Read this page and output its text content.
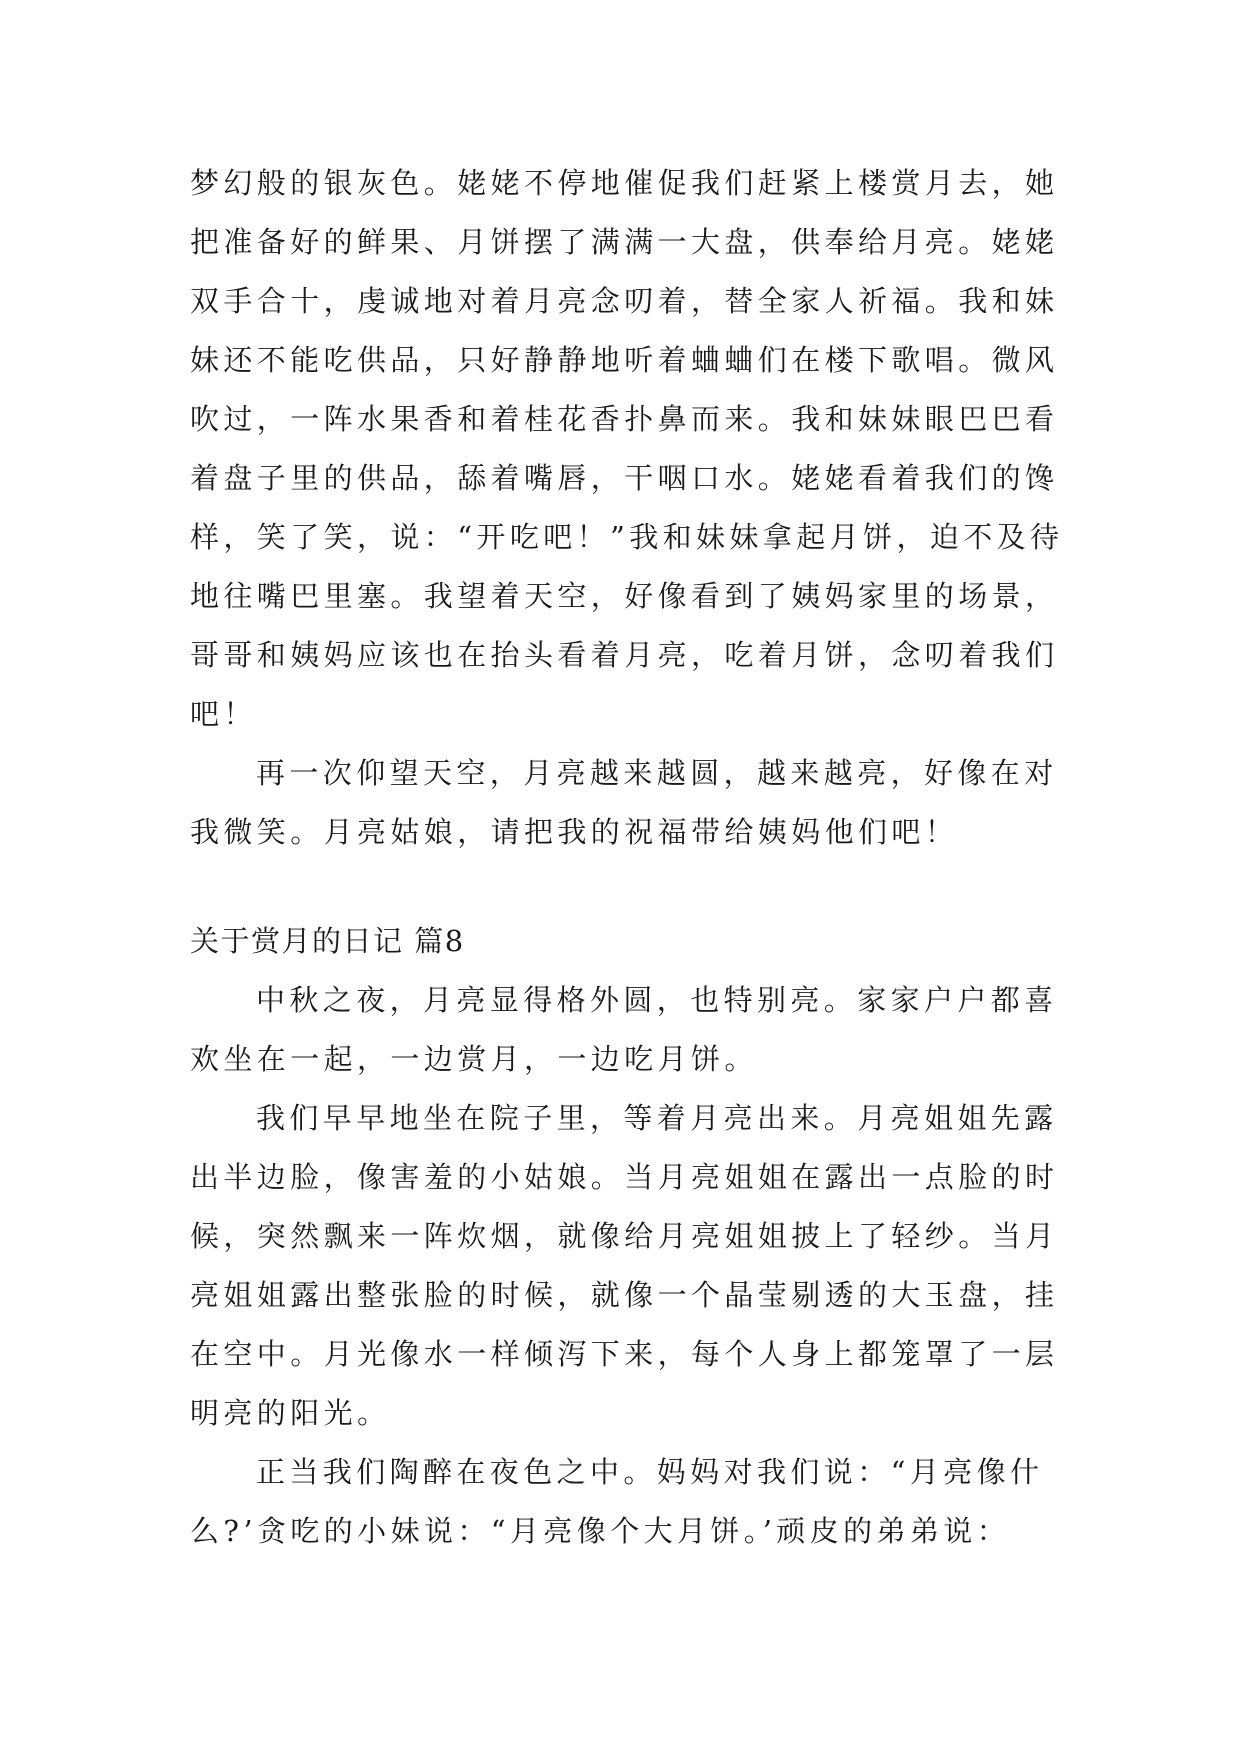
梦幻般的银灰色。姥姥不停地催促我们赶紧上楼赏月去，她
把准备好的鲜果、月饼摆了满满一大盘，供奉给月亮。姥姥
双手合十，虔诚地对着月亮念叨着，替全家人祈福。我和妹
妹还不能吃供品，只好静静地听着蛐蛐们在楼下歌唱。微风
吹过，一阵水果香和着桂花香扑鼻而来。我和妹妹眼巴巴看
着盘子里的供品，舔着嘴唇，干咽口水。姥姥看着我们的馋
样，笑了笑，说：“开吃吧！”我和妹妹拿起月饼，迫不及待
地往嘴巴里塞。我望着天空，好像看到了姨妈家里的场景，
哥哥和姨妈应该也在抬头看着月亮，吃着月饼，念叨着我们
吧！
再一次仰望天空，月亮越来越圆，越来越亮，好像在对
我微笑。月亮姑娘，请把我的祝福带给姨妈他们吧！
关于赏月的日记 篇8
中秋之夜，月亮显得格外圆，也特别亮。家家户户都喜
欢坐在一起，一边赏月，一边吃月饼。
我们早早地坐在院子里，等着月亮出来。月亮姐姐先露
出半边脸，像害羞的小姑娘。当月亮姐姐在露出一点脸的时
候，突然飘来一阵炊烟，就像给月亮姐姐披上了轻纱。当月
亮姐姐露出整张脸的时候，就像一个晶莹剔透的大玉盘，挂
在空中。月光像水一样倾泻下来，每个人身上都笼罩了一层
明亮的阳光。
正当我们陶醉在夜色之中。妈妈对我们说：“月亮像什
么?’贪吃的小妹说：“月亮像个大月饼。’顽皮的弟弟说：
